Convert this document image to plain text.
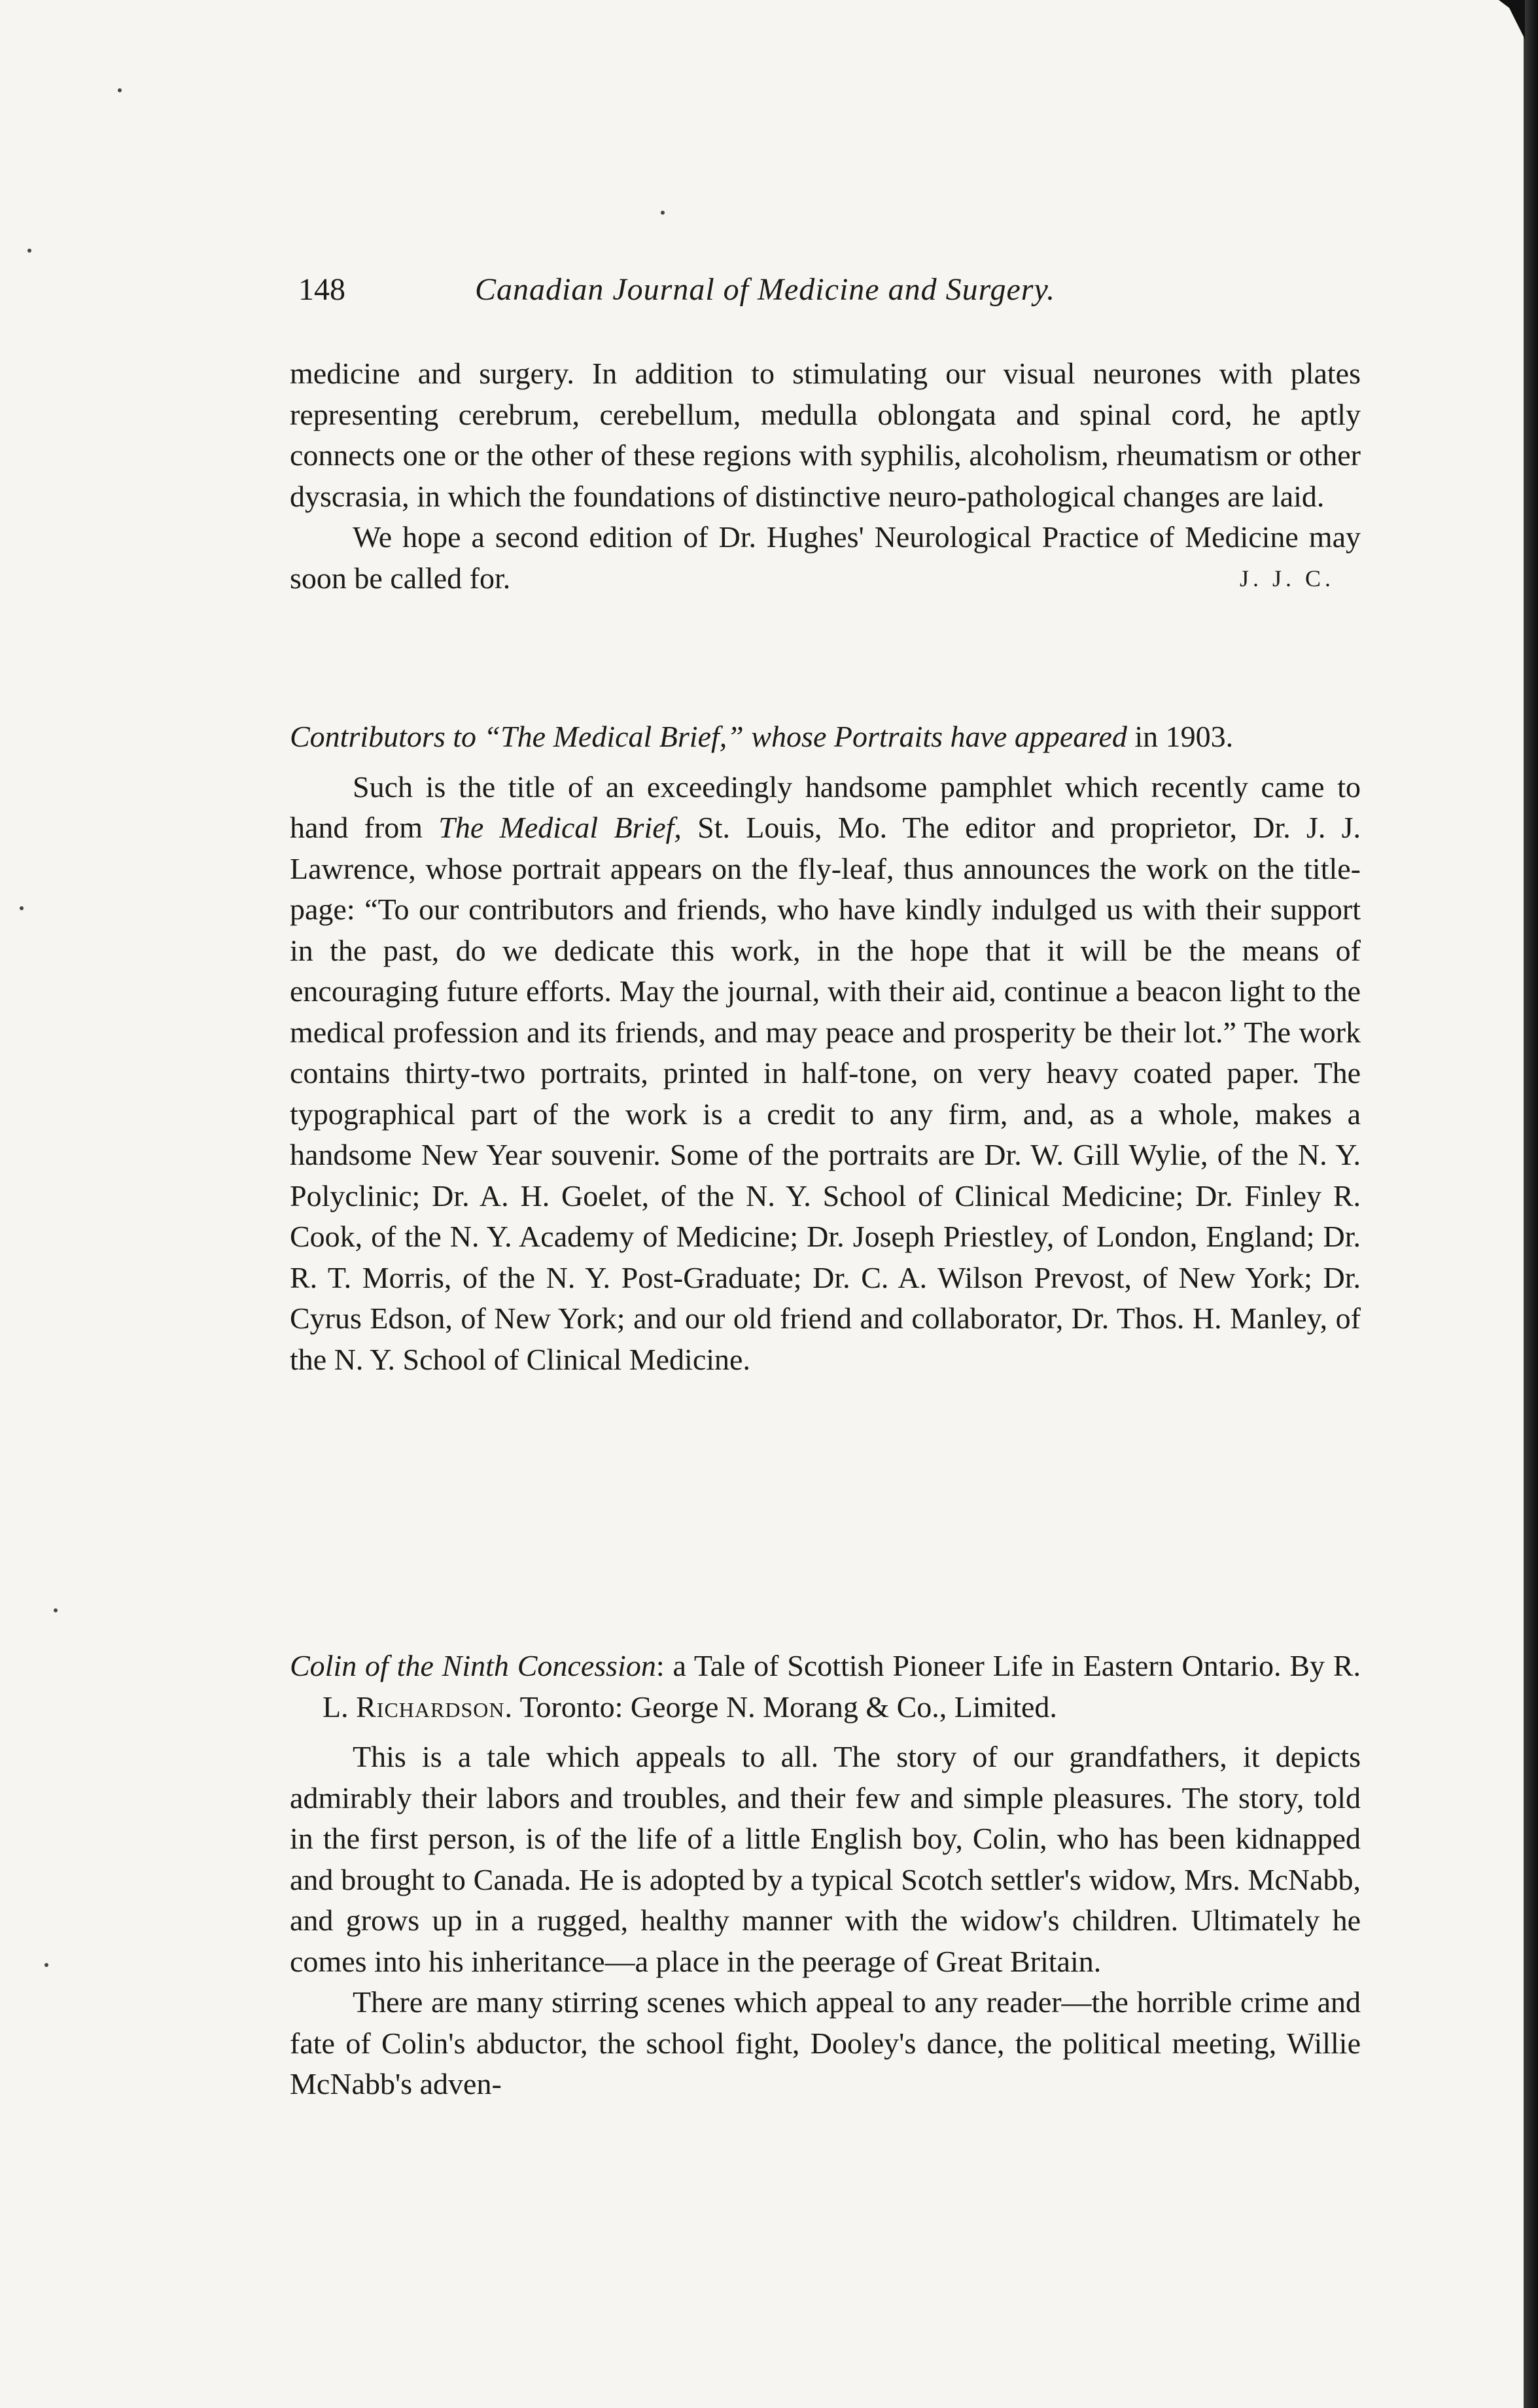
148	Canadian Journal of Medicine and Surgery.

medicine and surgery. In addition to stimulating our visual neurones with plates representing cerebrum, cerebellum, medulla oblongata and spinal cord, he aptly connects one or the other of these regions with syphilis, alcoholism, rheumatism or other dyscrasia, in which the foundations of distinctive neuro-pathological changes are laid.

We hope a second edition of Dr. Hughes' Neurological Practice of Medicine may soon be called for.	J. J. C.

Contributors to “The Medical Brief,” whose Portraits have appeared in 1903.

Such is the title of an exceedingly handsome pamphlet which recently came to hand from The Medical Brief, St. Louis, Mo. The editor and proprietor, Dr. J. J. Lawrence, whose portrait appears on the fly-leaf, thus announces the work on the title-page: “To our contributors and friends, who have kindly indulged us with their support in the past, do we dedicate this work, in the hope that it will be the means of encouraging future efforts. May the journal, with their aid, continue a beacon light to the medical profession and its friends, and may peace and prosperity be their lot.” The work contains thirty-two portraits, printed in half-tone, on very heavy coated paper. The typographical part of the work is a credit to any firm, and, as a whole, makes a handsome New Year souvenir. Some of the portraits are Dr. W. Gill Wylie, of the N. Y. Polyclinic; Dr. A. H. Goelet, of the N. Y. School of Clinical Medicine; Dr. Finley R. Cook, of the N. Y. Academy of Medicine; Dr. Joseph Priestley, of London, England; Dr. R. T. Morris, of the N. Y. Post-Graduate; Dr. C. A. Wilson Prevost, of New York; Dr. Cyrus Edson, of New York; and our old friend and collaborator, Dr. Thos. H. Manley, of the N. Y. School of Clinical Medicine.

Colin of the Ninth Concession: a Tale of Scottish Pioneer Life in Eastern Ontario. By R. L. Richardson. Toronto: George N. Morang & Co., Limited.

This is a tale which appeals to all. The story of our grandfathers, it depicts admirably their labors and troubles, and their few and simple pleasures. The story, told in the first person, is of the life of a little English boy, Colin, who has been kidnapped and brought to Canada. He is adopted by a typical Scotch settler's widow, Mrs. McNabb, and grows up in a rugged, healthy manner with the widow's children. Ultimately he comes into his inheritance—a place in the peerage of Great Britain.

There are many stirring scenes which appeal to any reader—the horrible crime and fate of Colin's abductor, the school fight, Dooley's dance, the political meeting, Willie McNabb's adven-
